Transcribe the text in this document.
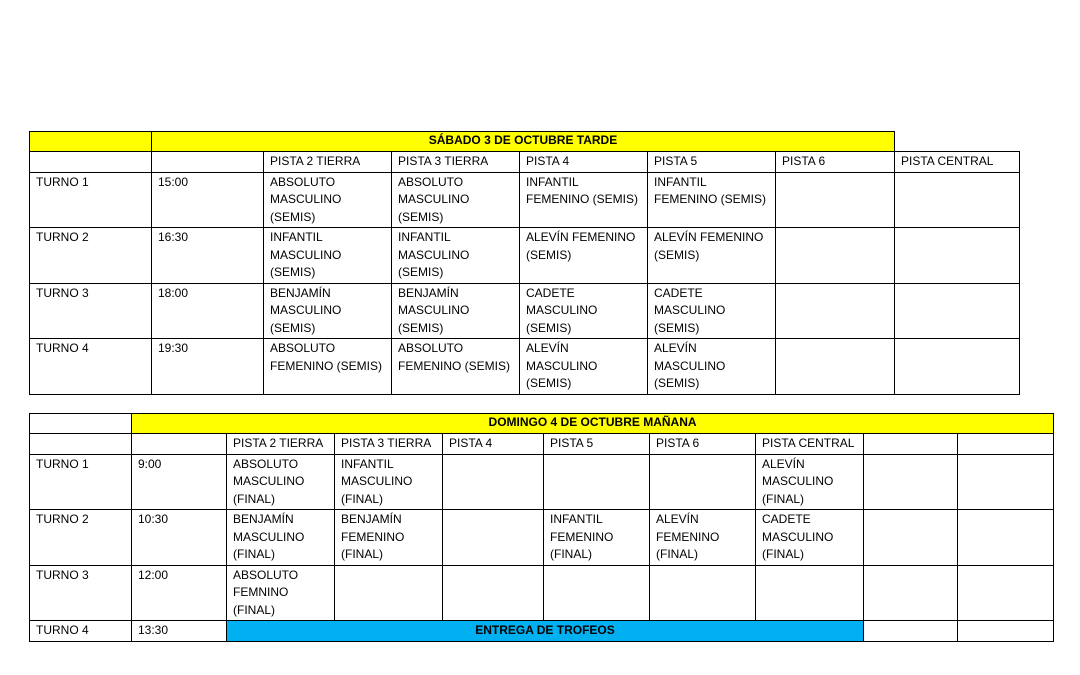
	SÁBADO 3 DE OCTUBRE TARDE						
		PISTA 2 TIERRA	PISTA 3 TIERRA	PISTA 4	PISTA 5	PISTA 6	PISTA CENTRAL
TURNO 1	15:00	ABSOLUTO MASCULINO (SEMIS)	ABSOLUTO MASCULINO (SEMIS)	INFANTIL FEMENINO (SEMIS)	INFANTIL FEMENINO (SEMIS)		
TURNO 2	16:30	INFANTIL MASCULINO (SEMIS)	INFANTIL MASCULINO (SEMIS)	ALEVÍN FEMENINO (SEMIS)	ALEVÍN FEMENINO (SEMIS)		
TURNO 3	18:00	BENJAMÍN MASCULINO (SEMIS)	BENJAMÍN MASCULINO (SEMIS)	CADETE MASCULINO (SEMIS)	CADETE MASCULINO (SEMIS)		
TURNO 4	19:30	ABSOLUTO FEMENINO (SEMIS)	ABSOLUTO FEMENINO (SEMIS)	ALEVÍN MASCULINO (SEMIS)	ALEVÍN MASCULINO (SEMIS)		
	DOMINGO 4 DE OCTUBRE MAÑANA								
		PISTA 2 TIERRA	PISTA 3 TIERRA	PISTA 4	PISTA 5	PISTA 6	PISTA CENTRAL		
TURNO 1	9:00	ABSOLUTO MASCULINO (FINAL)	INFANTIL MASCULINO (FINAL)				ALEVÍN MASCULINO (FINAL)		
TURNO 2	10:30	BENJAMÍN MASCULINO (FINAL)	BENJAMÍN FEMENINO (FINAL)		INFANTIL FEMENINO (FINAL)	ALEVÍN FEMENINO (FINAL)	CADETE MASCULINO (FINAL)		
TURNO 3	12:00	ABSOLUTO FEMNINO (FINAL)							
TURNO 4	13:30	ENTREGA DE TROFEOS							
